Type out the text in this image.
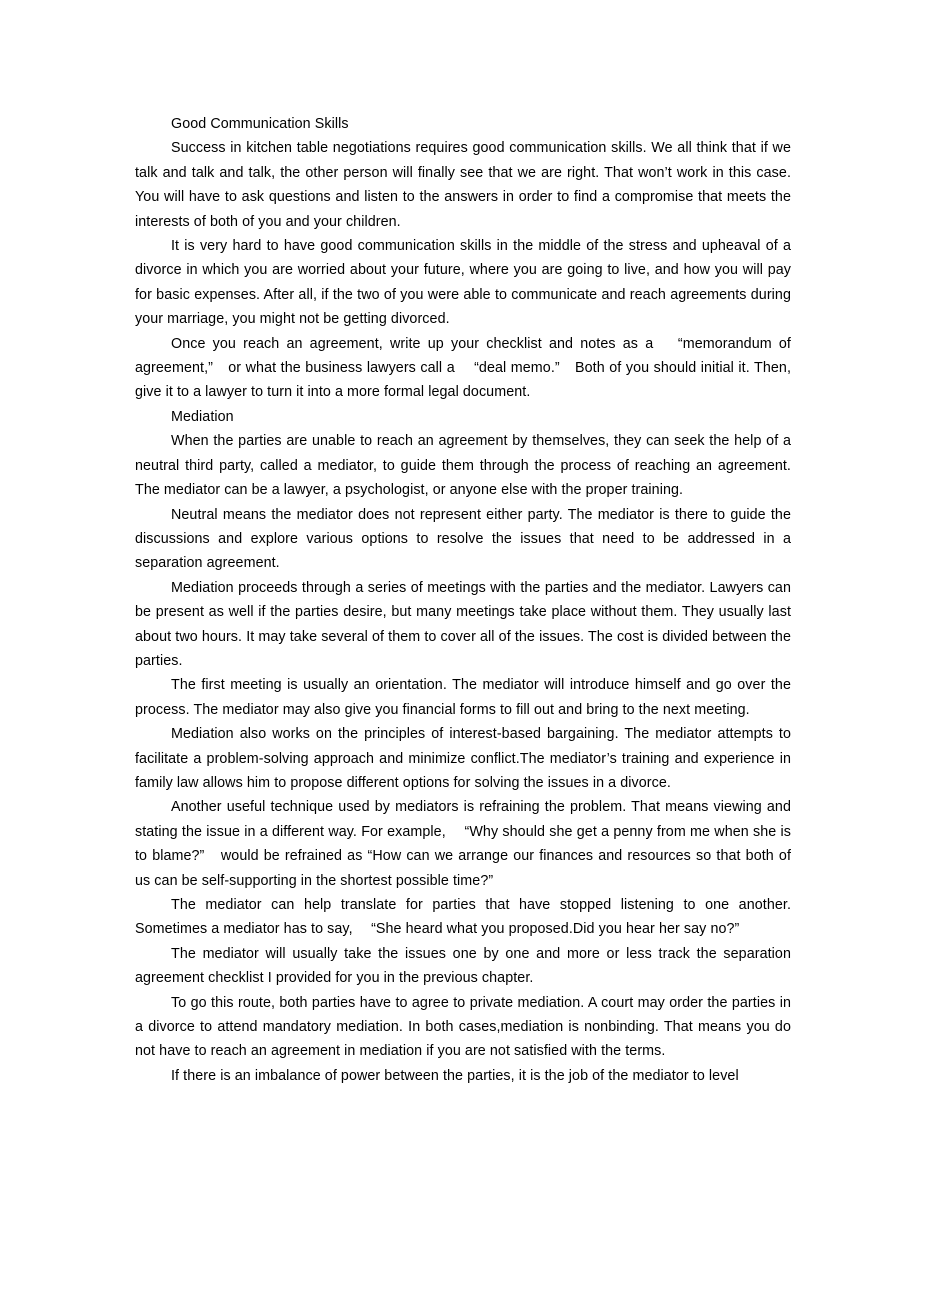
Good Communication Skills

Success in kitchen table negotiations requires good communication skills. We all think that if we talk and talk and talk, the other person will finally see that we are right. That won’t work in this case. You will have to ask questions and listen to the answers in order to find a compromise that meets the interests of both of you and your children.

It is very hard to have good communication skills in the middle of the stress and upheaval of a divorce in which you are worried about your future, where you are going to live, and how you will pay for basic expenses. After all, if the two of you were able to communicate and reach agreements during your marriage, you might not be getting divorced.

Once you reach an agreement, write up your checklist and notes as a 　“memorandum of agreement,”　or what the business lawyers call a 　“deal memo.”　Both of you should initial it. Then, give it to a lawyer to turn it into a more formal legal document.

Mediation

When the parties are unable to reach an agreement by themselves, they can seek the help of a neutral third party, called a mediator, to guide them through the process of reaching an agreement. The mediator can be a lawyer, a psychologist, or anyone else with the proper training.

Neutral means the mediator does not represent either party. The mediator is there to guide the discussions and explore various options to resolve the issues that need to be addressed in a separation agreement.

Mediation proceeds through a series of meetings with the parties and the mediator. Lawyers can be present as well if the parties desire, but many meetings take place without them. They usually last about two hours. It may take several of them to cover all of the issues. The cost is divided between the parties.

The first meeting is usually an orientation. The mediator will introduce himself and go over the process. The mediator may also give you financial forms to fill out and bring to the next meeting.

Mediation also works on the principles of interest-based bargaining. The mediator attempts to facilitate a problem-solving approach and minimize conflict.The mediator’s training and experience in family law allows him to propose different options for solving the issues in a divorce.

Another useful technique used by mediators is refraining the problem. That means viewing and stating the issue in a different way. For example, 　“Why should she get a penny from me when she is to blame?”　would be refrained as “How can we arrange our finances and resources so that both of us can be self-supporting in the shortest possible time?”

The mediator can help translate for parties that have stopped listening to one another. Sometimes a mediator has to say, 　“She heard what you proposed.Did you hear her say no?”

The mediator will usually take the issues one by one and more or less track the separation agreement checklist I provided for you in the previous chapter.

To go this route, both parties have to agree to private mediation. A court may order the parties in a divorce to attend mandatory mediation. In both cases,mediation is nonbinding. That means you do not have to reach an agreement in mediation if you are not satisfied with the terms.

If there is an imbalance of power between the parties, it is the job of the mediator to level
